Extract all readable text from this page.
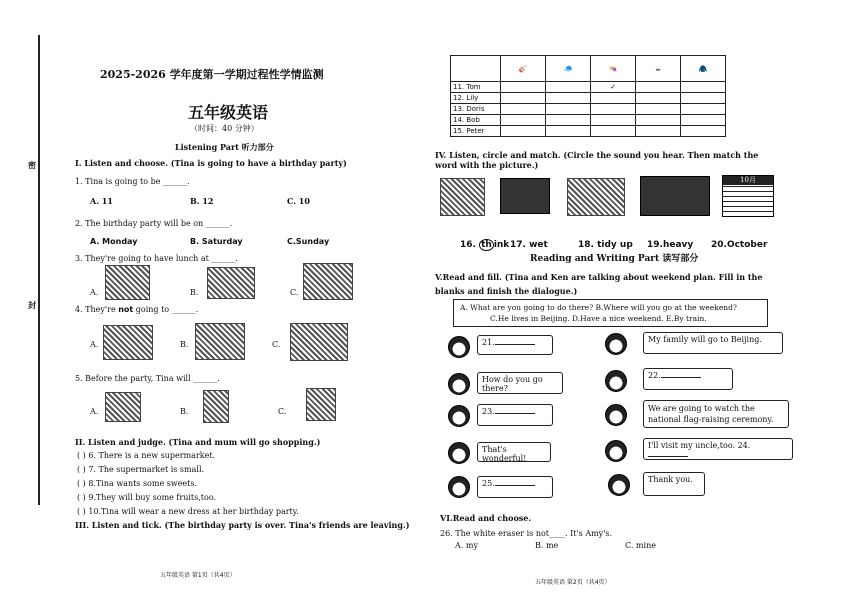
密
封
2025-2026 学年度第一学期过程性学情监测
五年级英语
（时间：40 分钟）
Listening Part 听力部分
I. Listen and choose. (Tina is going to have a birthday party)
1. Tina is going to be ______.
A. 11	B. 12	C. 10
2. The birthday party will be on ______.
A. Monday	B. Saturday	C.Sunday
3. They're going to have lunch at ______.
A.	B.	C.
4. They're not going to ______.
A.	B.	C.
5. Before the party, Tina will ______.
A.	B.	C.
II. Listen and judge. (Tina and mum will go shopping.)
( ) 6. There is a new supermarket.
( ) 7. The supermarket is small.
( ) 8.Tina wants some sweets.
( ) 9.They will buy some fruits,too.
( ) 10.Tina will wear a new dress at her birthday party.
III. Listen and tick. (The birthday party is over. Tina's friends are leaving.)
五年级英语 第1页（共4页）
	🎸	🧢	👒	☕	🧥
11. Tom			✓		
12. Lily					
13. Doris					
14. Bob					
15. Peter					
IV. Listen, circle and match. (Circle the sound you hear. Then match the word with the picture.)
10月
16. th ink 17. wet	18. tidy up 19.heavy 20.October
Reading and Writing Part 读写部分
V.Read and fill. (Tina and Ken are talking about weekend plan. Fill in the blanks and finish the dialogue.)
A. What are you going to do there? B.Where will you go at the weekend?
C.He lives in Beijing. D.Have a nice weekend. E.By train.
21.	My family will go to Beijing.
How do you go there?
22.
23.	We are going to watch the national flag-raising ceremony.
That's wonderful!
I'll visit my uncle,too. 24.
25.	Thank you.
VI.Read and choose.
26. The white eraser is not____. It's Amy's.
A. my	B. me	C. mine
五年级英语 第2页（共4页）
